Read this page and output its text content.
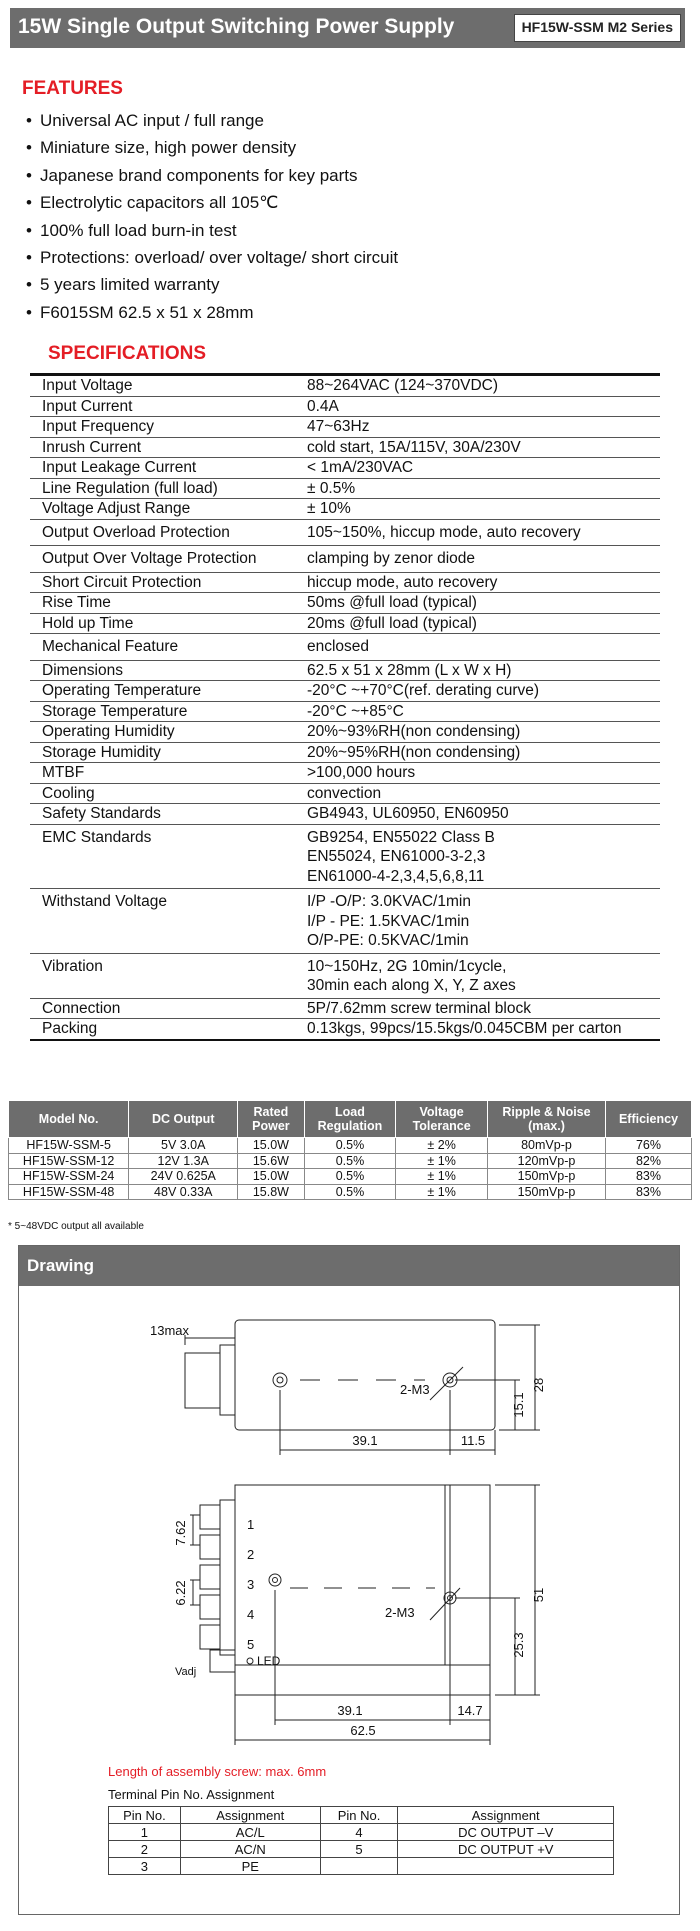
15W Single Output Switching Power Supply	HF15W-SSM M2 Series
FEATURES
• Universal AC input / full range
• Miniature size, high power density
• Japanese brand components for key parts
• Electrolytic capacitors all 105℃
• 100% full load burn-in test
• Protections: overload/ over voltage/ short circuit
• 5 years limited warranty
• F6015SM 62.5 x 51 x 28mm
SPECIFICATIONS
Input Voltage	88~264VAC (124~370VDC)

Input Current	0.4A

Input Frequency	47~63Hz

Inrush Current	cold start, 15A/115V, 30A/230V

Input Leakage Current	< 1mA/230VAC

Line Regulation (full load)	± 0.5%

Voltage Adjust Range	± 10%

Output Overload Protection	105~150%, hiccup mode, auto recovery

Output Over Voltage Protection	clamping by zenor diode

Short Circuit Protection	hiccup mode, auto recovery

Rise Time	50ms @full load (typical)

Hold up Time	20ms @full load (typical)

Mechanical Feature	enclosed

Dimensions	62.5 x 51 x 28mm (L x W x H)

Operating Temperature	-20°C ~+70°C(ref. derating curve)

Storage Temperature	-20°C ~+85°C

Operating Humidity	20%~93%RH(non condensing)

Storage Humidity	20%~95%RH(non condensing)

MTBF	>100,000 hours

Cooling	convection

Safety Standards	GB4943, UL60950, EN60950

EMC Standards	GB9254, EN55022 Class B
EN55024, EN61000-3-2,3
EN61000-4-2,3,4,5,6,8,11

Withstand Voltage	I/P -O/P: 3.0KVAC/1min
I/P - PE: 1.5KVAC/1min
O/P-PE: 0.5KVAC/1min

Vibration	10~150Hz, 2G 10min/1cycle,
30min each along X, Y, Z axes

Connection	5P/7.62mm screw terminal block

Packing	0.13kgs, 99pcs/15.5kgs/0.045CBM per carton
Model No.	DC Output	Rated Power	Load Regulation	Voltage Tolerance	Ripple & Noise (max.)	Efficiency
HF15W-SSM-5	5V 3.0A	15.0W	0.5%	± 2%	80mVp-p	76%
HF15W-SSM-12	12V 1.3A	15.6W	0.5%	± 1%	120mVp-p	82%
HF15W-SSM-24	24V 0.625A	15.0W	0.5%	± 1%	150mVp-p	83%
HF15W-SSM-48	48V 0.33A	15.8W	0.5%	± 1%	150mVp-p	83%
* 5~48VDC output all available
Drawing
13max
2-M3	28
15.1
39.1	11.5
1
2
3
4
5
7.62
6.22
2-M3
51
25.3
Vadj
LED
39.1	14.7
62.5
Length of assembly screw: max. 6mm
Terminal Pin No. Assignment
Pin No.	Assignment	Pin No.	Assignment
1	AC/L	4	DC OUTPUT –V
2	AC/N	5	DC OUTPUT +V
3	PE		
